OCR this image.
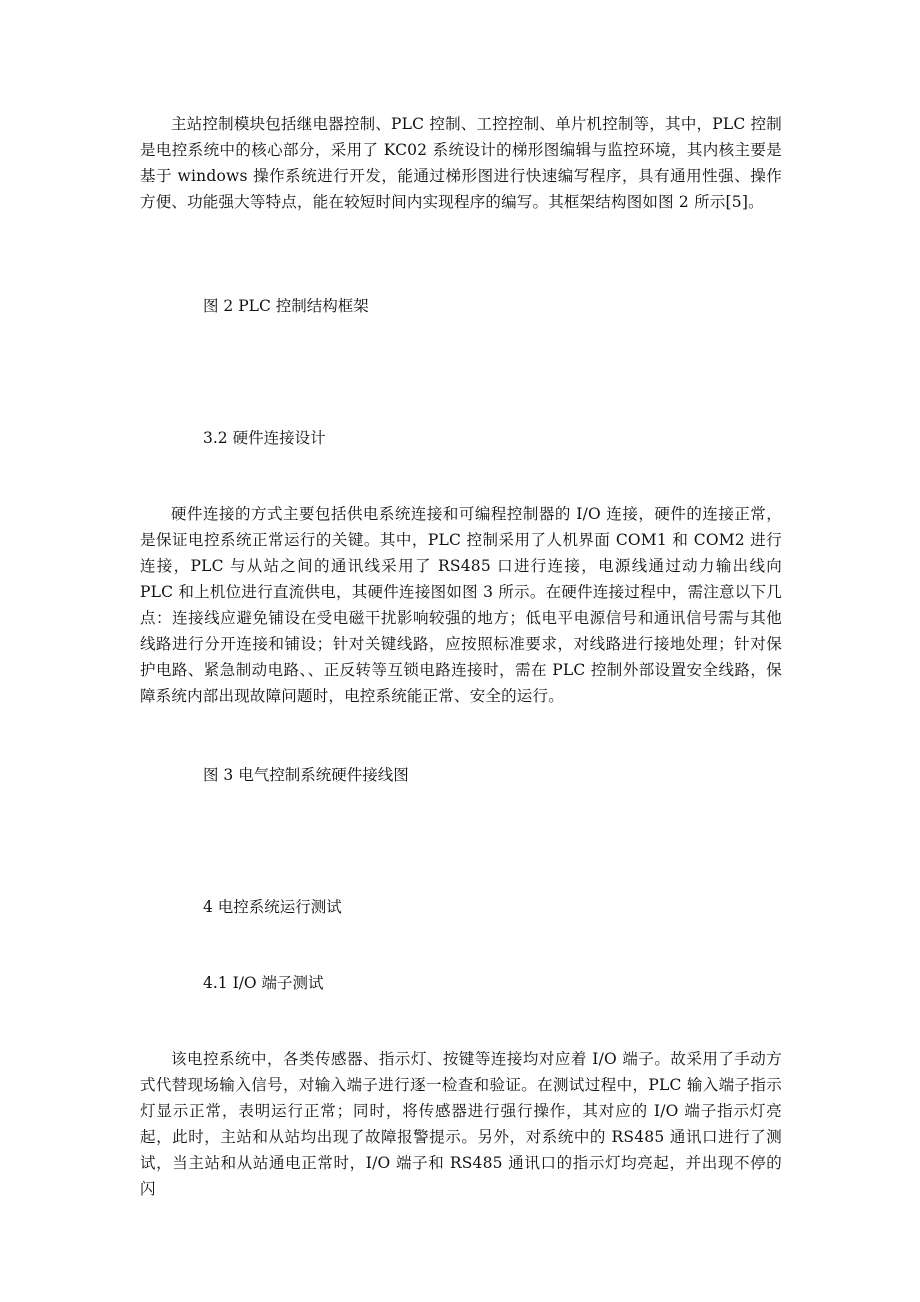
主站控制模块包括继电器控制、PLC 控制、工控控制、单片机控制等，其中，PLC 控制是电控系统中的核心部分，采用了 KC02 系统设计的梯形图编辑与监控环境，其内核主要是基于 windows 操作系统进行开发，能通过梯形图进行快速编写程序，具有通用性强、操作方便、功能强大等特点，能在较短时间内实现程序的编写。其框架结构图如图 2 所示[5]。

图 2 PLC 控制结构框架

3.2 硬件连接设计

硬件连接的方式主要包括供电系统连接和可编程控制器的 I/O 连接，硬件的连接正常，是保证电控系统正常运行的关键。其中，PLC 控制采用了人机界面 COM1 和 COM2 进行连接，PLC 与从站之间的通讯线采用了 RS485 口进行连接，电源线通过动力输出线向 PLC 和上机位进行直流供电，其硬件连接图如图 3 所示。在硬件连接过程中，需注意以下几点：连接线应避免铺设在受电磁干扰影响较强的地方；低电平电源信号和通讯信号需与其他线路进行分开连接和铺设；针对关键线路，应按照标准要求，对线路进行接地处理；针对保护电路、紧急制动电路、、正反转等互锁电路连接时，需在 PLC 控制外部设置安全线路，保障系统内部出现故障问题时，电控系统能正常、安全的运行。

图 3 电气控制系统硬件接线图

4 电控系统运行测试

4.1 I/O 端子测试

该电控系统中，各类传感器、指示灯、按键等连接均对应着 I/O 端子。故采用了手动方式代替现场输入信号，对输入端子进行逐一检查和验证。在测试过程中，PLC 输入端子指示灯显示正常，表明运行正常；同时，将传感器进行强行操作，其对应的 I/O 端子指示灯亮起，此时，主站和从站均出现了故障报警提示。另外，对系统中的 RS485 通讯口进行了测试，当主站和从站通电正常时，I/O 端子和 RS485 通讯口的指示灯均亮起，并出现不停的闪
